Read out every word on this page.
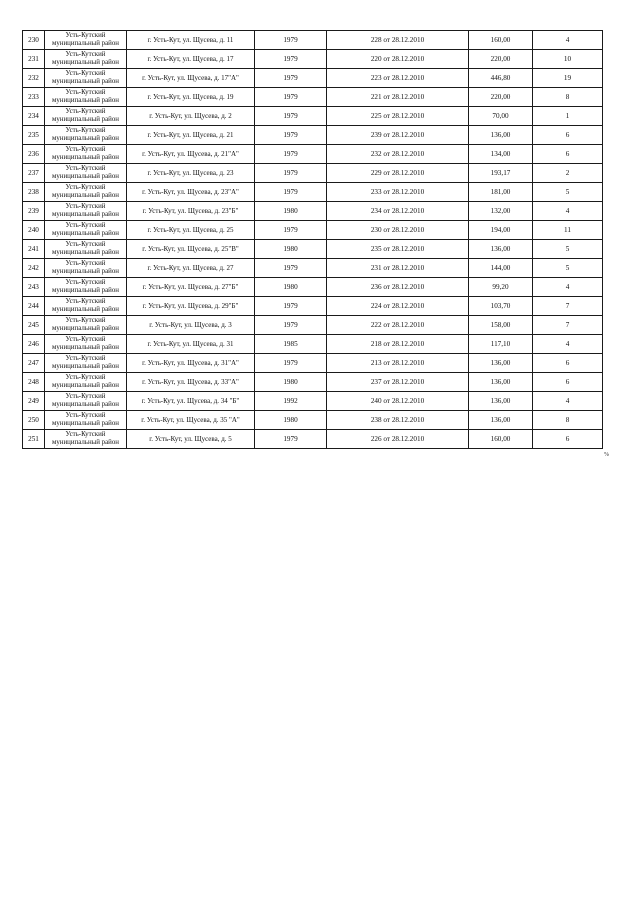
230	Усть-Кутский муниципальный район	г. Усть-Кут, ул. Щусева, д. 11	1979	228 от 28.12.2010	160,00	4
231	Усть-Кутский муниципальный район	г. Усть-Кут, ул. Щусева, д. 17	1979	220 от 28.12.2010	220,00	10
232	Усть-Кутский муниципальный район	г. Усть-Кут, ул. Щусева, д. 17"А"	1979	223 от 28.12.2010	446,80	19
233	Усть-Кутский муниципальный район	г. Усть-Кут, ул. Щусева, д. 19	1979	221 от 28.12.2010	220,00	8
234	Усть-Кутский муниципальный район	г. Усть-Кут, ул. Щусева, д. 2	1979	225 от 28.12.2010	70,00	1
235	Усть-Кутский муниципальный район	г. Усть-Кут, ул. Щусева, д. 21	1979	239 от 28.12.2010	136,00	6
236	Усть-Кутский муниципальный район	г. Усть-Кут, ул. Щусева, д. 21"А"	1979	232 от 28.12.2010	134,00	6
237	Усть-Кутский муниципальный район	г. Усть-Кут, ул. Щусева, д. 23	1979	229 от 28.12.2010	193,17	2
238	Усть-Кутский муниципальный район	г. Усть-Кут, ул. Щусева, д. 23"А"	1979	233 от 28.12.2010	181,00	5
239	Усть-Кутский муниципальный район	г. Усть-Кут, ул. Щусева, д. 23"Б"	1980	234 от 28.12.2010	132,00	4
240	Усть-Кутский муниципальный район	г. Усть-Кут, ул. Щусева, д. 25	1979	230 от 28.12.2010	194,00	11
241	Усть-Кутский муниципальный район	г. Усть-Кут, ул. Щусева, д. 25"В"	1980	235 от 28.12.2010	136,00	5
242	Усть-Кутский муниципальный район	г. Усть-Кут, ул. Щусева, д. 27	1979	231 от 28.12.2010	144,00	5
243	Усть-Кутский муниципальный район	г. Усть-Кут, ул. Щусева, д. 27"Б"	1980	236 от 28.12.2010	99,20	4
244	Усть-Кутский муниципальный район	г. Усть-Кут, ул. Щусева, д. 29"Б"	1979	224 от 28.12.2010	103,70	7
245	Усть-Кутский муниципальный район	г. Усть-Кут, ул. Щусева, д. 3	1979	222 от 28.12.2010	158,00	7
246	Усть-Кутский муниципальный район	г. Усть-Кут, ул. Щусева, д. 31	1985	218 от 28.12.2010	117,10	4
247	Усть-Кутский муниципальный район	г. Усть-Кут, ул. Щусева, д. 31"А"	1979	213 от 28.12.2010	136,00	6
248	Усть-Кутский муниципальный район	г. Усть-Кут, ул. Щусева, д. 33"А"	1980	237 от 28.12.2010	136,00	6
249	Усть-Кутский муниципальный район	г. Усть-Кут, ул. Щусева, д. 34 "Б"	1992	240 от 28.12.2010	136,00	4
250	Усть-Кутский муниципальный район	г. Усть-Кут, ул. Щусева, д. 35 "А"	1980	238 от 28.12.2010	136,00	8
251	Усть-Кутский муниципальный район	г. Усть-Кут, ул. Щусева, д. 5	1979	226 от 28.12.2010	160,00	6
%
